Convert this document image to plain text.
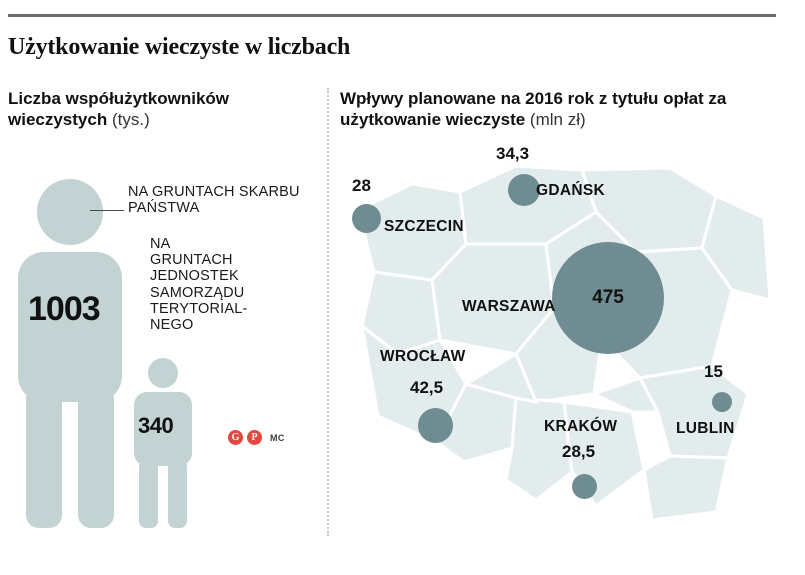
Użytkowanie wieczyste w liczbach
Liczba współużytkowników wieczystych (tys.)
1003
340
NA GRUNTACH SKARBU PAŃSTWA
NA GRUNTACH JEDNOSTEK SAMORZĄDU TERYTORIAL-NEGO
G	P	MC
Wpływy planowane na 2016 rok z tytułu opłat za użytkowanie wieczyste (mln zł)
475
SZCZECIN
28	GDAŃSK
34,3
WARSZAWA
WROCŁAW
42,5
KRAKÓW
28,5
LUBLIN
15
